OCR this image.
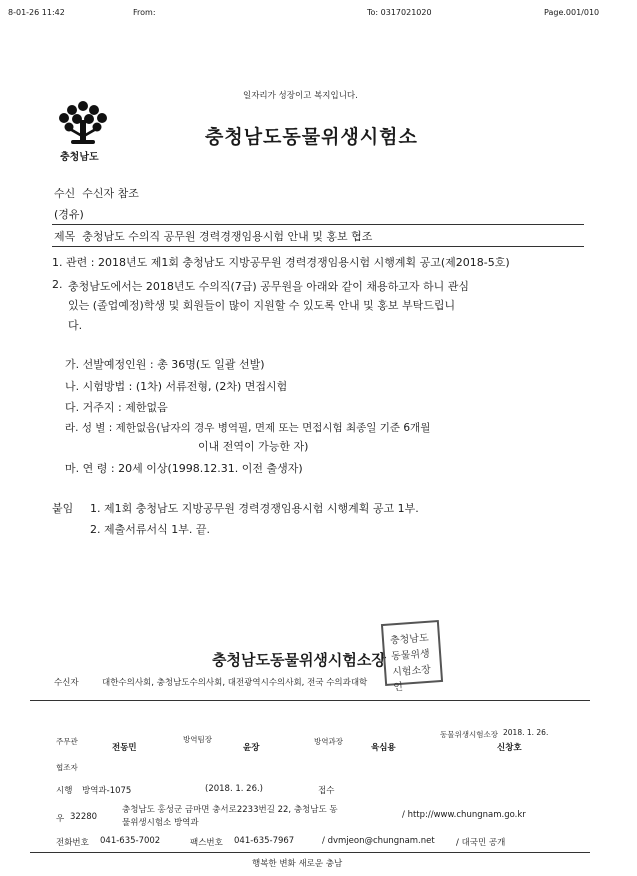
8-01-26 11:42	From:	To: 0317021020	Page.001/010
일자리가 성장이고 복지입니다.
충청남도
충청남도동물위생시험소
수신 수신자 참조
(경유)
제목 충청남도 수의직 공무원 경력경쟁임용시험 안내 및 홍보 협조
1. 관련 : 2018년도 제1회 충청남도 지방공무원 경력경쟁임용시험 시행계획 공고(제2018-5호)
2. 충청남도에서는 2018년도 수의직(7급) 공무원을 아래와 같이 채용하고자 하니 관심
있는 (졸업예정)학생 및 회원들이 많이 지원할 수 있도록 안내 및 홍보 부탁드립니
다.
가. 선발예정인원 : 총 36명(도 일괄 선발)
나. 시험방법 : (1차) 서류전형, (2차) 면접시험
다. 거주지 : 제한없음
라. 성 별 : 제한없음(남자의 경우 병역필, 면제 또는 면접시험 최종일 기준 6개월
이내 전역이 가능한 자)
마. 연 령 : 20세 이상(1998.12.31. 이전 출생자)
붙임 1. 제1회 충청남도 지방공무원 경력경쟁임용시험 시행계획 공고 1부.
2. 제출서류서식 1부. 끝.
충청남도동물위생시험소장
충청남도
동물위생
시험소장인
수신자	대한수의사회, 충청남도수의사회, 대전광역시수의사회, 전국 수의과대학
주무관
전동민
방역팀장
윤장
방역과장
육심용
동물위생시험소장 2018. 1. 26.
신창호
협조자
시행 방역과-1075	(2018. 1. 26.)	접수
우 32280
충청남도 홍성군 금마면 충서로2233번길 22, 충청남도 동
물위생시험소 방역과
/ http://www.chungnam.go.kr
전화번호 041-635-7002	팩스번호 041-635-7967	/ dvmjeon@chungnam.net	/ 대국민 공개
행복한 변화 새로운 충남
